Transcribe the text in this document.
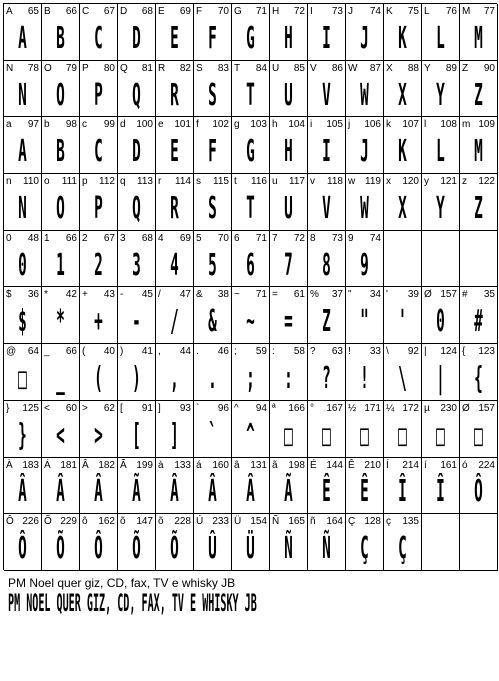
A 65
A
B 66
B
C 67
C
D 68
D
E 69
E
F 70
F
G 71
G
H 72
H
I 73
I
J 74
J
K 75
K
L 76
L
M 77
M
N 78
N
O 79
O
P 80
P
Q 81
Q
R 82
R
S 83
S
T 84
T
U 85
U
V 86
V
W 87
W
X 88
X
Y 89
Y
Z 90
Z
a 97
A
b 98
B
c 99
C
d 100
D
e 101
E
f 102
F
g 103
G
h 104
H
i 105
I
j 106
J
k 107
K
l 108
L
m 109
M
n 110
N
o 111
O
p 112
P
q 113
Q
r 114
R
s 115
S
t 116
T
u 117
U
v 118
V
w 119
W
x 120
X
y 121
Y
z 122
Z
0 48
0
1 66
1
2 67
2
3 68
3
4 69
4
5 70
5
6 71
6
7 72
7
8 73
8
9 74
9
$ 36
$
* 42
*
+ 43
+
- 45
-
/ 47
/
& 38
&
~ 71
~
= 61
=
% 37
Z
" 34
"
' 39
'
Ø 157
0
# 35
#
@ 64
□
_ 66
_
( 40
(
) 41
)
, 44
,
. 46
.
; 59
;
: 58
:
? 63
?
! 33
!
\ 92
\
| 124
|
{ 123
{
} 125
}
< 60
<
> 62
>
[ 91
[
] 93
]
` 96
`
^ 94
^
ª 166
□
° 167
□
½ 171
□
¼ 172
□
µ 230
□
Ø 157
□
À 183
Â
Á 181
Â
Â 182
Â
Ã 199
Ã
à 133
Â
á 160
Â
â 131
Â
ã 198
Ã
É 144
Ê
Ê 210
Ê
Í 214
Î
í 161
Î
ó 224
Ô
Ô 226
Ô
Õ 229
Õ
ô 162
Ô
õ 147
Õ
õ 228
Õ
Ú 233
Û
Ü 154
Ü
Ñ 165
Ñ
ñ 164
Ñ
Ç 128
Ç
ç 135
Ç
PM Noel quer giz, CD, fax, TV e whisky JB
PM NOEL QUER GIZ, CD, FAX, TV E WHISKY JB
